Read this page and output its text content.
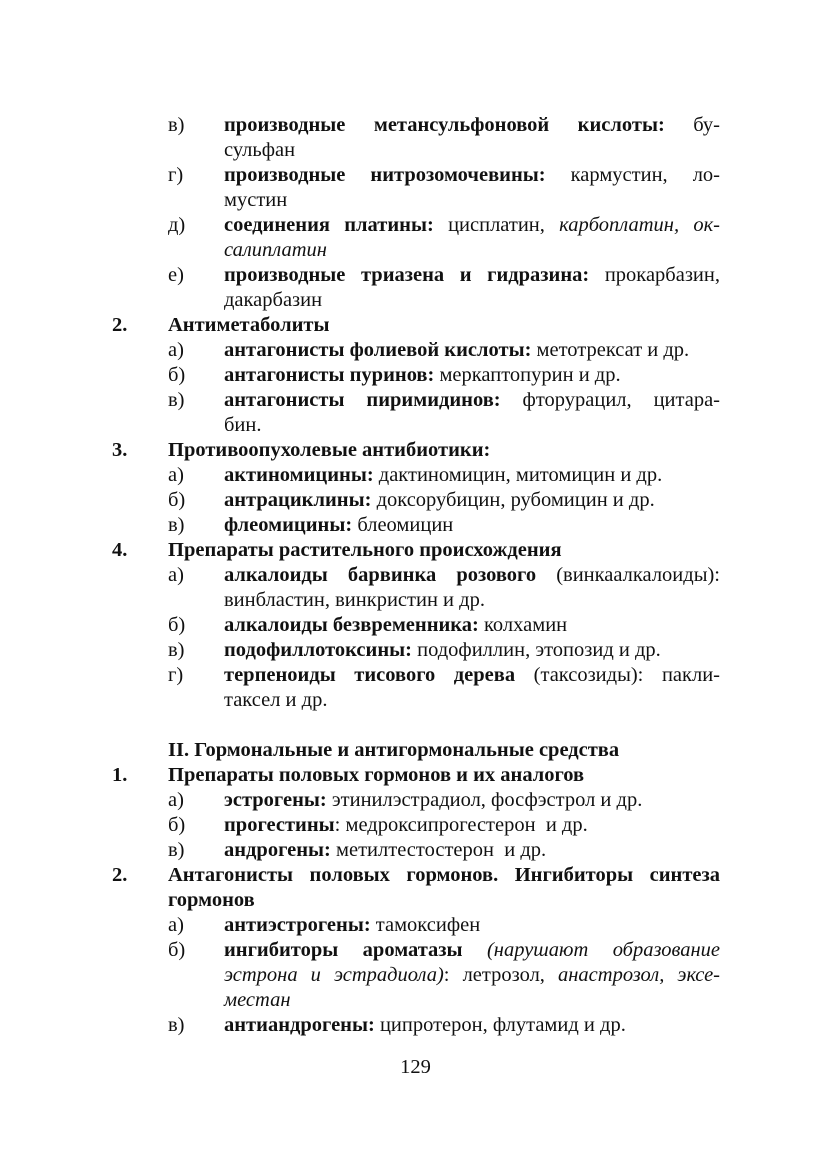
в)	производные метансульфоновой кислоты: бу-
сульфан
г)	производные нитрозомочевины: кармустин, ло-
мустин
д)	соединения платины: цисплатин, карбоплатин, ок-
салиплатин
е)	производные триазена и гидразина: прокарбазин,
дакарбазин
2.	Антиметаболиты
а)	антагонисты фолиевой кислоты: метотрексат и др.
б)	антагонисты пуринов: меркаптопурин и др.
в)	антагонисты пиримидинов: фторурацил, цитара-
бин.
3.	Противоопухолевые антибиотики:
а)	актиномицины: дактиномицин, митомицин и др.
б)	антрациклины: доксорубицин, рубомицин и др.
в)	флеомицины: блеомицин
4.	Препараты растительного происхождения
а)	алкалоиды барвинка розового (винкаалкалоиды):
винбластин, винкристин и др.
б)	алкалоиды безвременника: колхамин
в)	подофиллотоксины: подофиллин, этопозид и др.
г)	терпеноиды тисового дерева (таксозиды): пакли-
таксел и др.
II. Гормональные и антигормональные средства
1.	Препараты половых гормонов и их аналогов
а)	эстрогены: этинилэстрадиол, фосфэстрол и др.
б)	прогестины: медроксипрогестерон  и др.
в)	андрогены: метилтестостерон  и др.
2.	Антагонисты половых гормонов. Ингибиторы синтеза
гормонов
а)	антиэстрогены: тамоксифен
б)	ингибиторы ароматазы (нарушают образование
эстрона и эстрадиола): летрозол, анастрозол, эксе-
местан
в)	антиандрогены: ципротерон, флутамид и др.
129
